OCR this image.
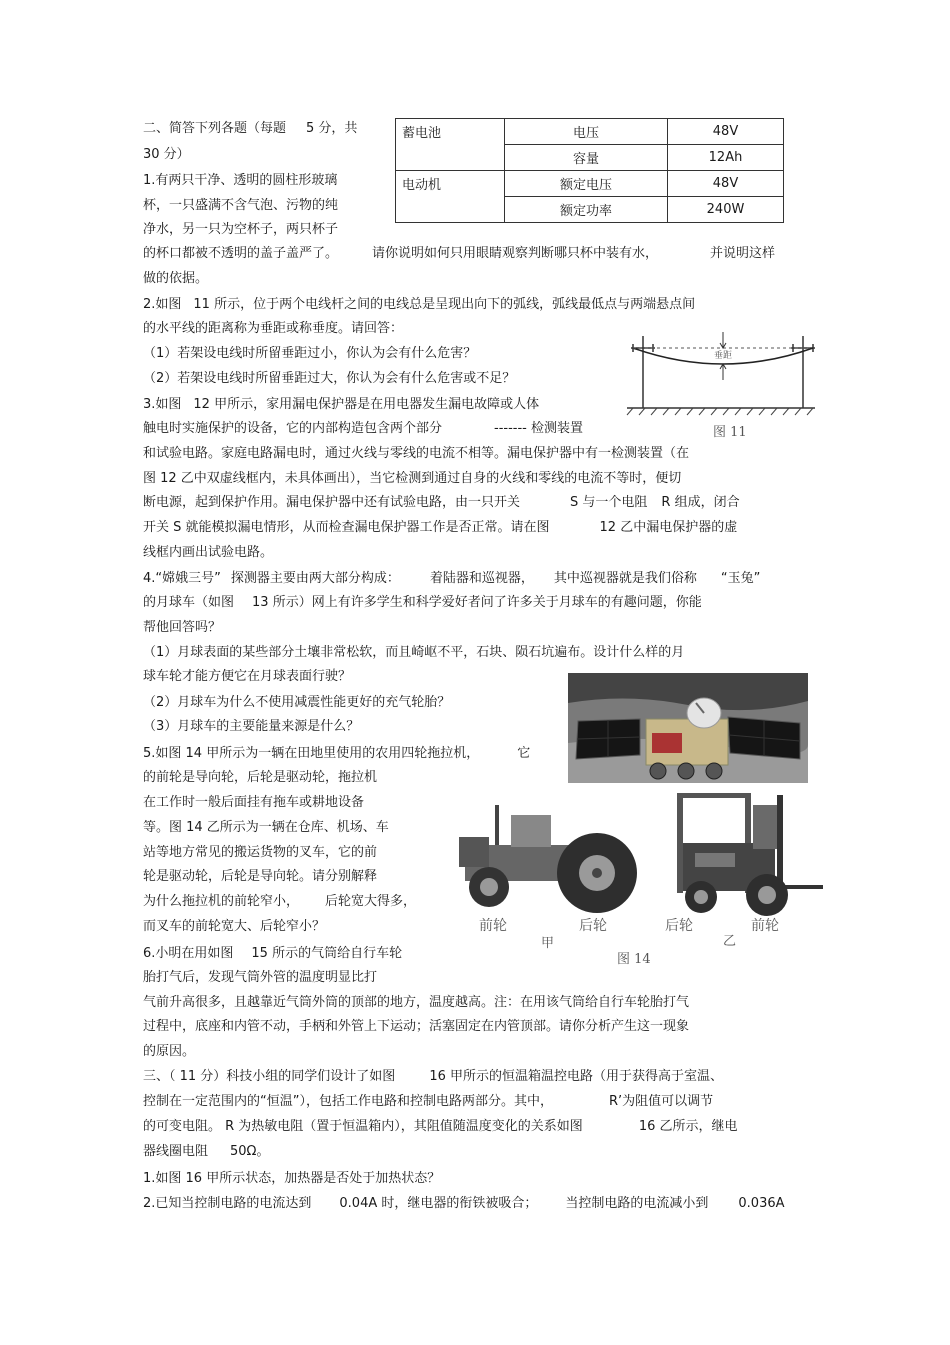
二、简答下列各题（每题 5 分，共
30 分）
蓄电池	电压	48V
	容量	12Ah
电动机	额定电压	48V
	额定功率	240W
1.有两只干净、透明的圆柱形玻璃
杯，一只盛满不含气泡、污物的纯
净水，另一只为空杯子，两只杯子
的杯口都被不透明的盖子盖严了。	请你说明如何只用眼睛观察判断哪只杯中装有水，	并说明这样
做的依据。
2.如图 11 所示，位于两个电线杆之间的电线总是呈现出向下的弧线，弧线最低点与两端悬点间
的水平线的距离称为垂距或称垂度。请回答：
（1）若架设电线时所留垂距过小，你认为会有什么危害？
（2）若架设电线时所留垂距过大，你认为会有什么危害或不足？
垂距
图 11
3.如图 12 甲所示，家用漏电保护器是在用电器发生漏电故障或人体
触电时实施保护的设备，它的内部构造包含两个部分	------- 检测装置
和试验电路。家庭电路漏电时，通过火线与零线的电流不相等。漏电保护器中有一检测装置（在
图 12 乙中双虚线框内，未具体画出），当它检测到通过自身的火线和零线的电流不等时，便切
断电源，起到保护作用。漏电保护器中还有试验电路，由一只开关	S 与一个电阻 R 组成，闭合
开关 S 就能模拟漏电情形，从而检查漏电保护器工作是否正常。请在图	12 乙中漏电保护器的虚
线框内画出试验电路。
4.“嫦娥三号” 探测器主要由两大部分构成： 着陆器和巡视器， 其中巡视器就是我们俗称 “玉兔”
的月球车（如图 13 所示）网上有许多学生和科学爱好者问了许多关于月球车的有趣问题，你能
帮他回答吗？
（1）月球表面的某些部分土壤非常松软，而且崎岖不平，石块、陨石坑遍布。设计什么样的月
球车轮才能方便它在月球表面行驶？
（2）月球车为什么不使用减震性能更好的充气轮胎？
（3）月球车的主要能量来源是什么？
5.如图 14 甲所示为一辆在田地里使用的农用四轮拖拉机，	它
的前轮是导向轮，后轮是驱动轮，拖拉机
在工作时一般后面挂有拖车或耕地设备
等。图 14 乙所示为一辆在仓库、机场、车
站等地方常见的搬运货物的叉车，它的前
轮是驱动轮，后轮是导向轮。请分别解释
为什么拖拉机的前轮窄小， 后轮宽大得多，
而叉车的前轮宽大、后轮窄小？	前轮	后轮
甲
后轮	前轮
乙
图 14
6.小明在用如图 15 所示的气筒给自行车轮
胎打气后，发现气筒外管的温度明显比打
气前升高很多，且越靠近气筒外筒的顶部的地方，温度越高。注：在用该气筒给自行车轮胎打气
过程中，底座和内管不动，手柄和外管上下运动；活塞固定在内管顶部。请你分析产生这一现象
的原因。
三、（ 11 分）科技小组的同学们设计了如图	16 甲所示的恒温箱温控电路（用于获得高于室温、
控制在一定范围内的“恒温”），包括工作电路和控制电路两部分。其中，	R’为阻值可以调节
的可变电阻。 R 为热敏电阻（置于恒温箱内），其阻值随温度变化的关系如图	16 乙所示，继电
器线圈电阻 50Ω。
1.如图 16 甲所示状态，加热器是否处于加热状态？
2.已知当控制电路的电流达到 0.04A 时，继电器的衔铁被吸合； 当控制电路的电流减小到 0.036A
